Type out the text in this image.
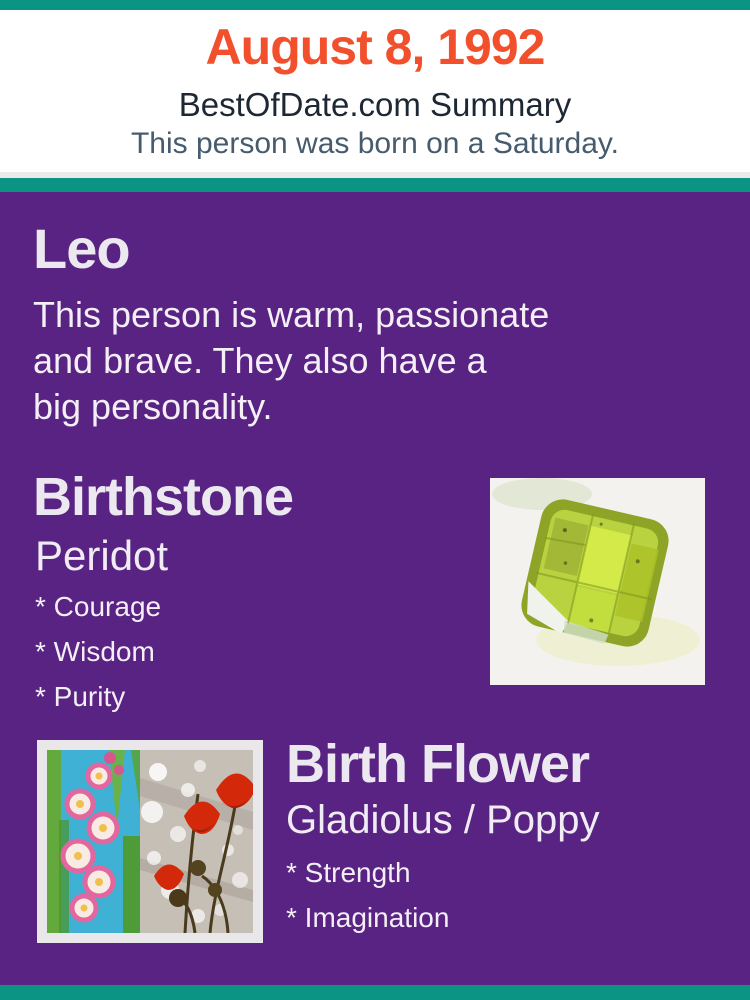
August 8, 1992
BestOfDate.com Summary
This person was born on a Saturday.
Leo
This person is warm, passionate
and brave. They also have a
big personality.
Birthstone
Peridot
* Courage
* Wisdom
* Purity
Birth Flower
Gladiolus / Poppy
* Strength
* Imagination
